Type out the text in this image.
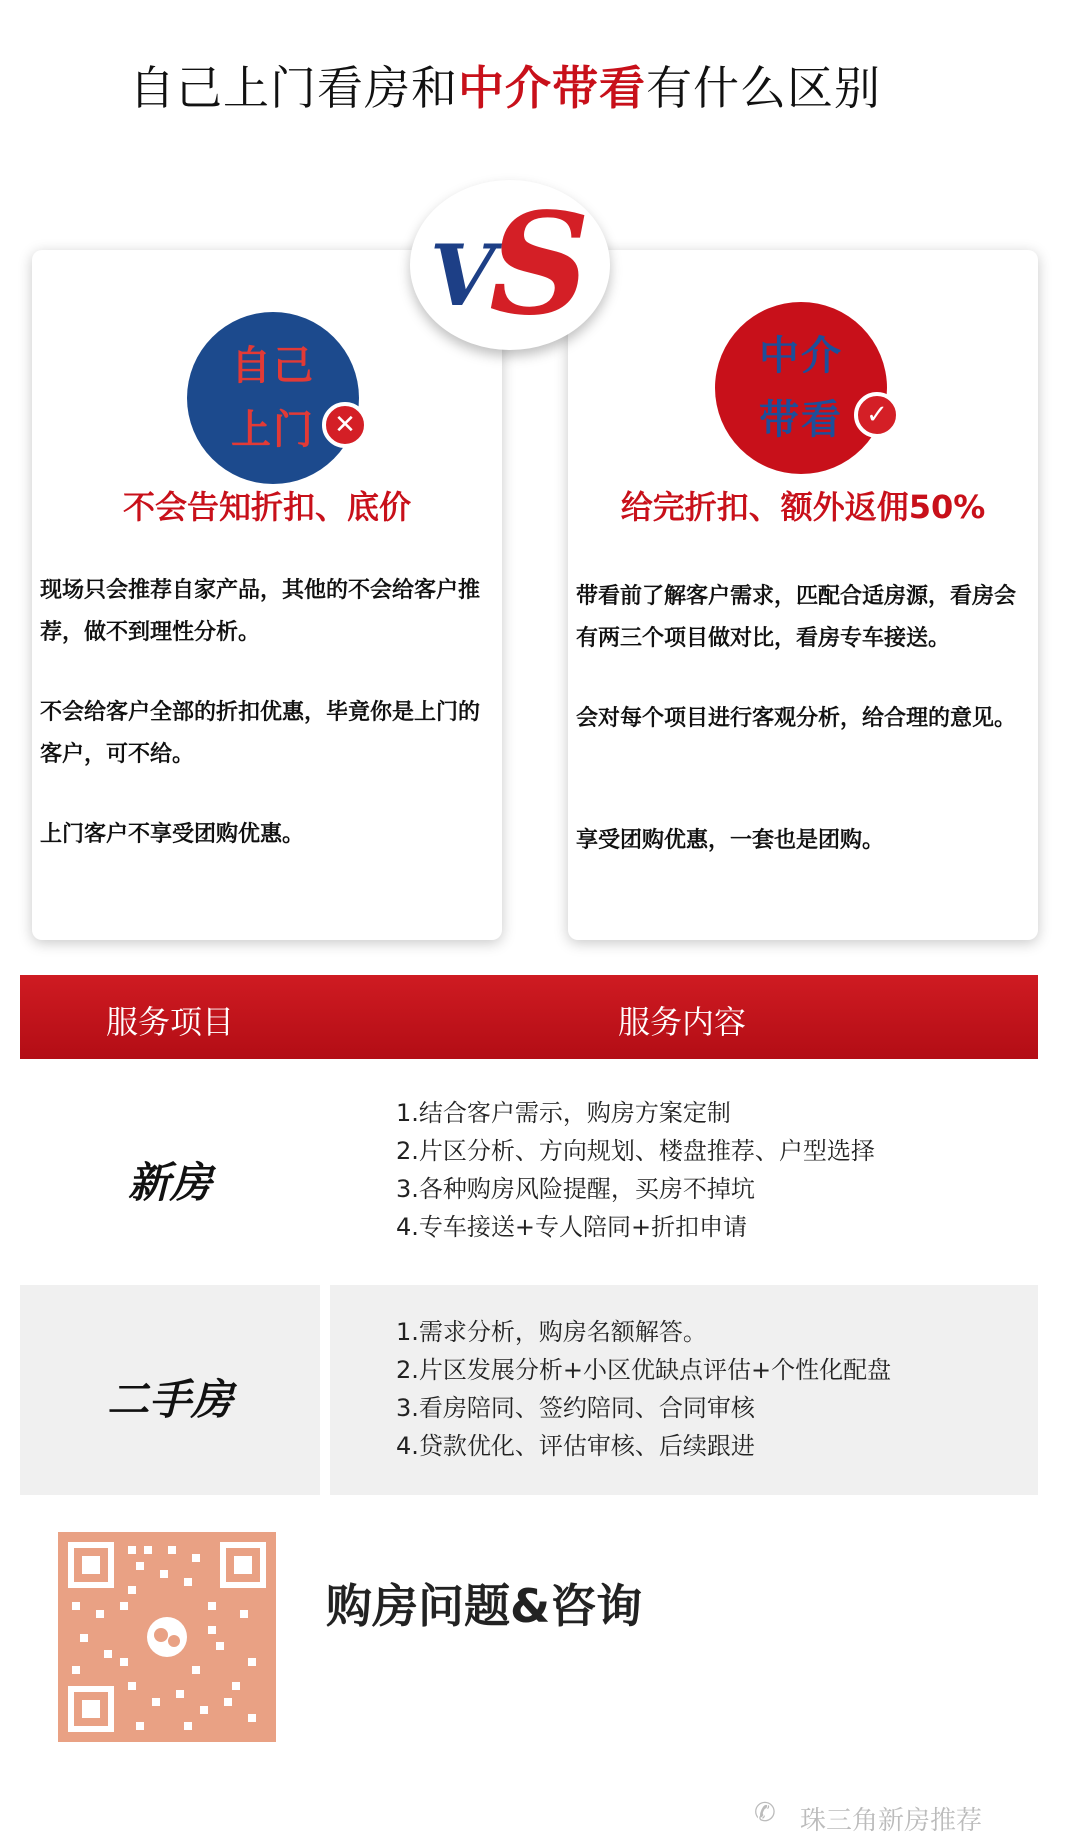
自己上门看房和中介带看有什么区别
自己
上门 ✕
不会告知折扣、底价
现场只会推荐自家产品，其他的不会给客户推荐，做不到理性分析。
不会给客户全部的折扣优惠，毕竟你是上门的客户，可不给。
上门客户不享受团购优惠。
中介
带看 ✓
给完折扣、额外返佣50%
带看前了解客户需求，匹配合适房源，看房会有两三个项目做对比，看房专车接送。
会对每个项目进行客观分析，给合理的意见。
享受团购优惠，一套也是团购。
V
S
服务项目	服务内容
新房
1.结合客户需示，购房方案定制
2.片区分析、方向规划、楼盘推荐、户型选择
3.各种购房风险提醒，买房不掉坑
4.专车接送+专人陪同+折扣申请
二手房
1.需求分析，购房名额解答。
2.片区发展分析+小区优缺点评估+个性化配盘
3.看房陪同、签约陪同、合同审核
4.贷款优化、评估审核、后续跟进
购房问题&咨询
✆ 珠三角新房推荐
